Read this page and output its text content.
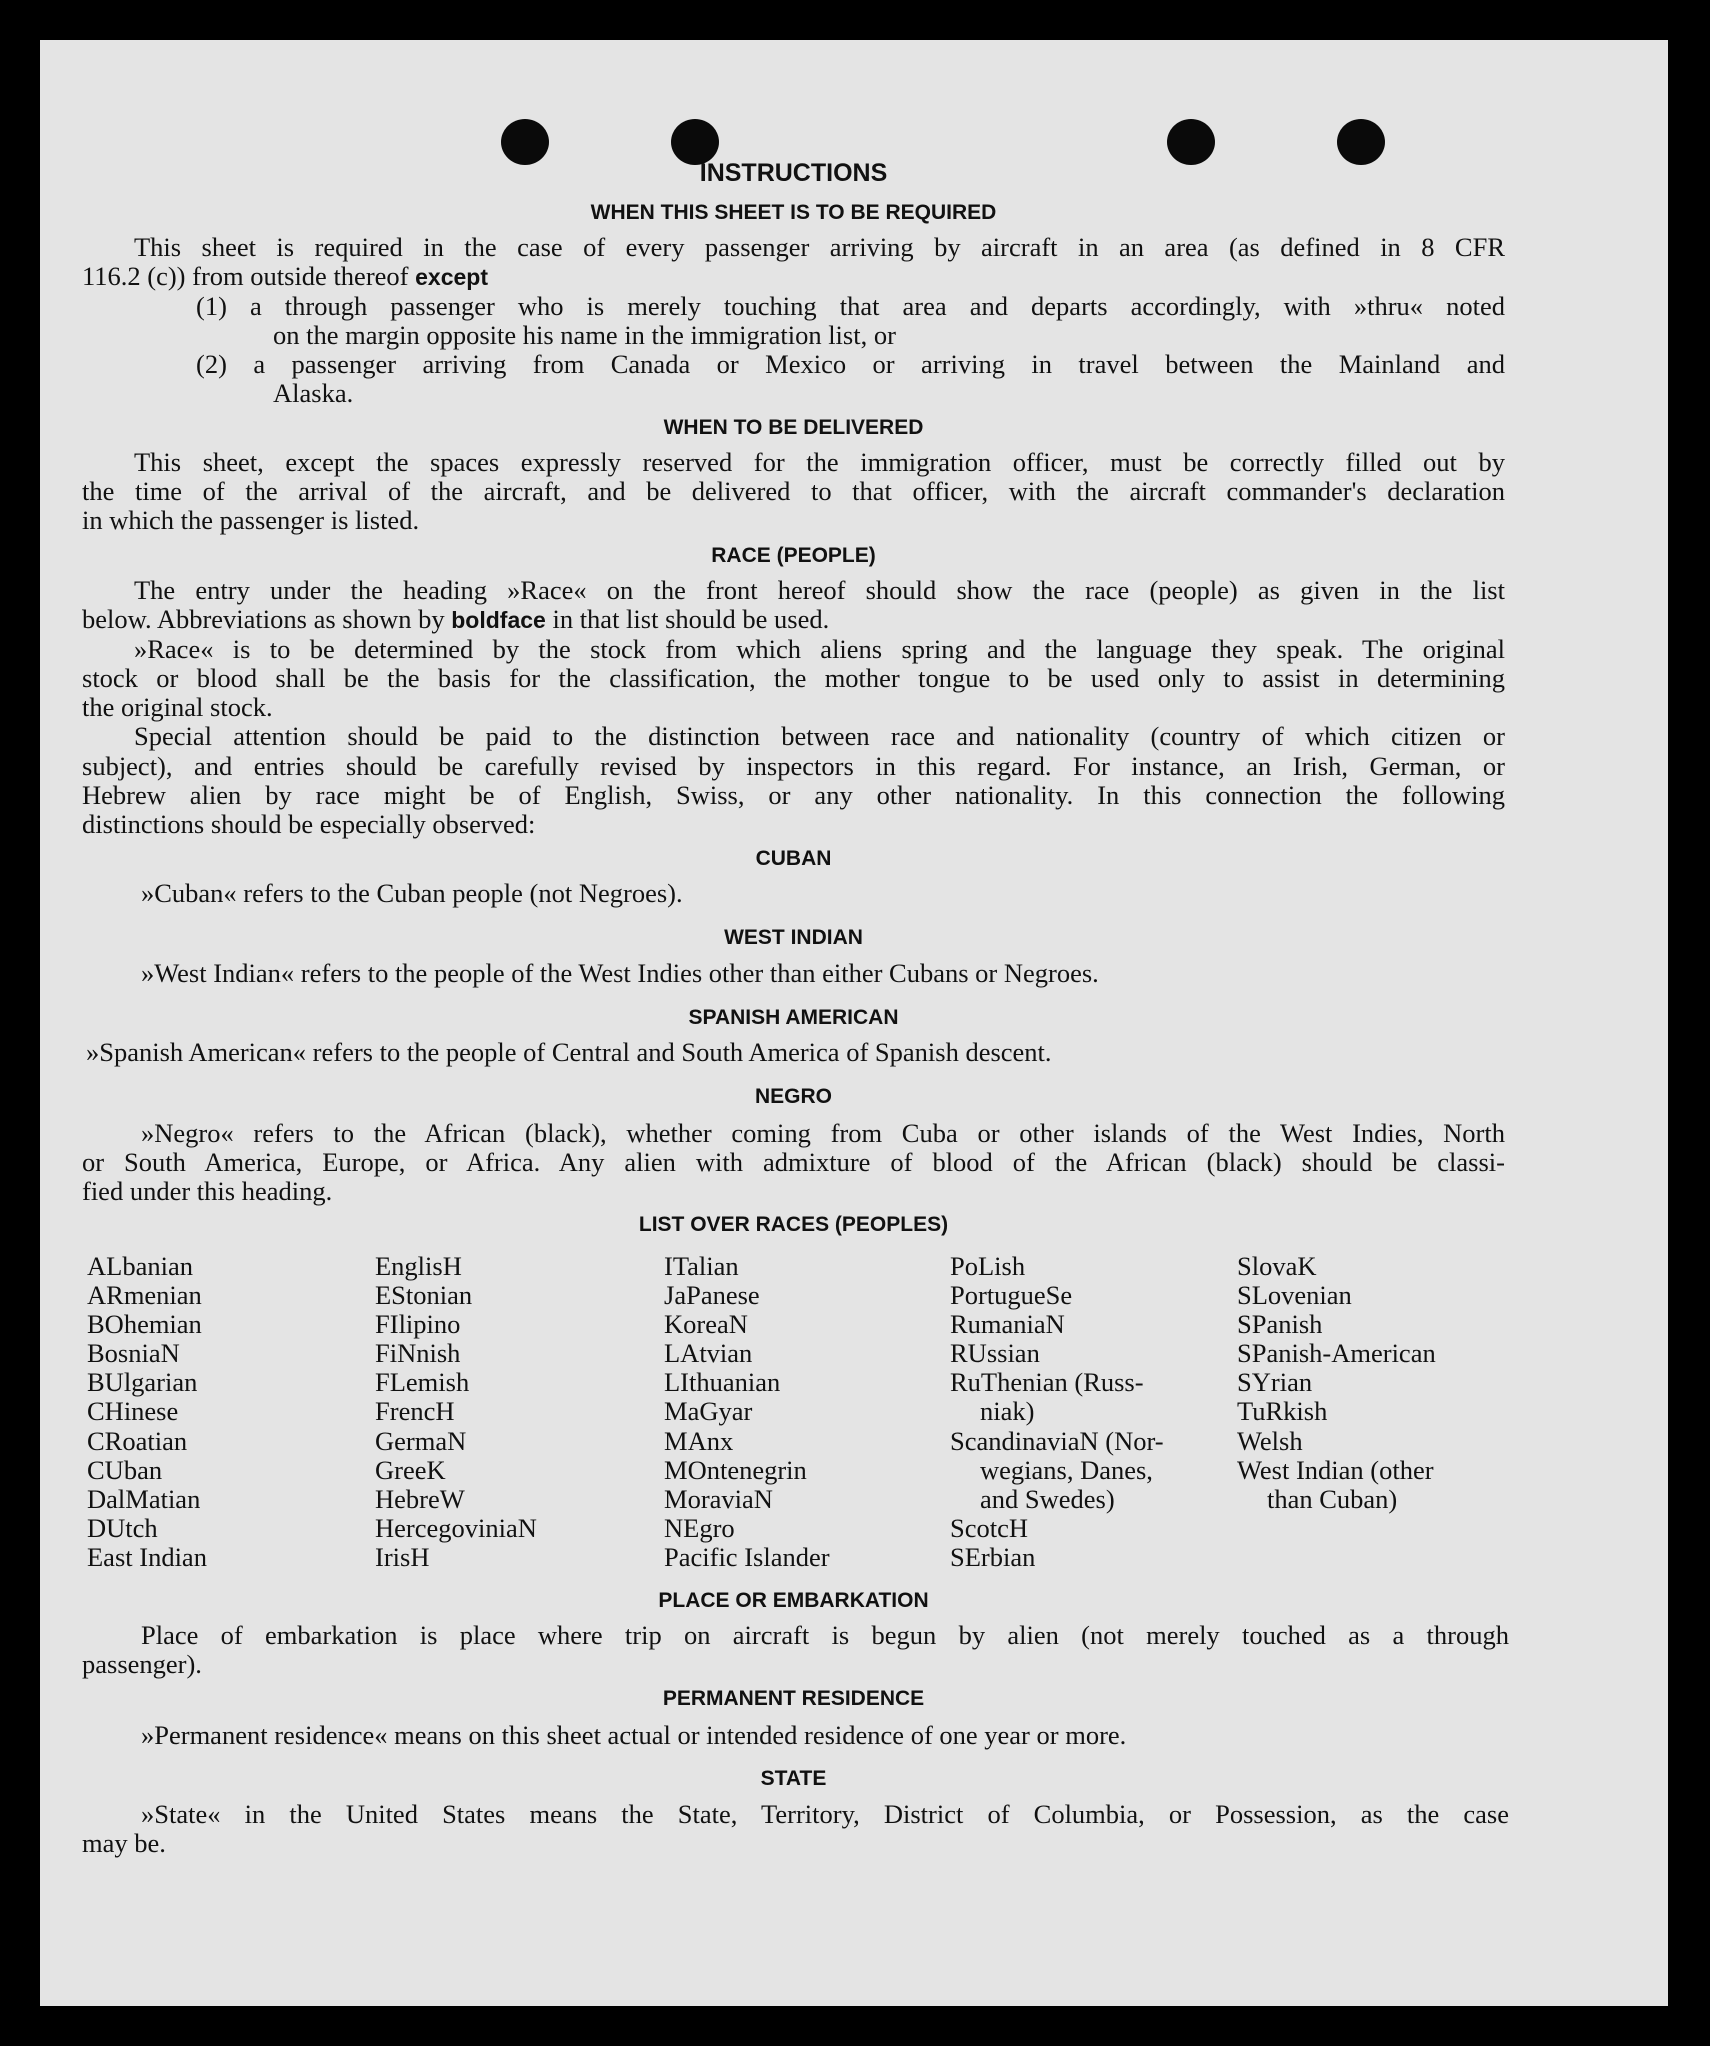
INSTRUCTIONS
WHEN THIS SHEET IS TO BE REQUIRED
This sheet is required in the case of every passenger arriving by aircraft in an area (as defined in 8 CFR
116.2 (c)) from outside thereof except
(1) a through passenger who is merely touching that area and departs accordingly, with »thru« noted
on the margin opposite his name in the immigration list, or
(2) a passenger arriving from Canada or Mexico or arriving in travel between the Mainland and
Alaska.
WHEN TO BE DELIVERED
This sheet, except the spaces expressly reserved for the immigration officer, must be correctly filled out by
the time of the arrival of the aircraft, and be delivered to that officer, with the aircraft commander's declaration
in which the passenger is listed.
RACE (PEOPLE)
The entry under the heading »Race« on the front hereof should show the race (people) as given in the list
below. Abbreviations as shown by boldface in that list should be used.
»Race« is to be determined by the stock from which aliens spring and the language they speak. The original
stock or blood shall be the basis for the classification, the mother tongue to be used only to assist in determining
the original stock.
Special attention should be paid to the distinction between race and nationality (country of which citizen or
subject), and entries should be carefully revised by inspectors in this regard. For instance, an Irish, German, or
Hebrew alien by race might be of English, Swiss, or any other nationality. In this connection the following
distinctions should be especially observed:
CUBAN
»Cuban« refers to the Cuban people (not Negroes).
WEST INDIAN
»West Indian« refers to the people of the West Indies other than either Cubans or Negroes.
SPANISH AMERICAN
»Spanish American« refers to the people of Central and South America of Spanish descent.
NEGRO
»Negro« refers to the African (black), whether coming from Cuba or other islands of the West Indies, North
or South America, Europe, or Africa. Any alien with admixture of blood of the African (black) should be classi-
fied under this heading.
LIST OVER RACES (PEOPLES)
PLACE OR EMBARKATION
Place of embarkation is place where trip on aircraft is begun by alien (not merely touched as a through
passenger).
PERMANENT RESIDENCE
»Permanent residence« means on this sheet actual or intended residence of one year or more.
STATE
»State« in the United States means the State, Territory, District of Columbia, or Possession, as the case
may be.
ALbanian
ARmenian
BOhemian
BosniaN
BUlgarian
CHinese
CRoatian
CUban
DalMatian
DUtch
East Indian
EnglisH
EStonian
FIlipino
FiNnish
FLemish
FrencH
GermaN
GreeK
HebreW
HercegoviniaN
IrisH
ITalian
JaPanese
KoreaN
LAtvian
LIthuanian
MaGyar
MAnx
MOntenegrin
MoraviaN
NEgro
Pacific Islander
PoLish
PortugueSe
RumaniaN
RUssian
RuThenian (Russ-
niak)
ScandinaviaN (Nor-
wegians, Danes,
and Swedes)
ScotcH
SErbian
SlovaK
SLovenian
SPanish
SPanish-American
SYrian
TuRkish
Welsh
West Indian (other
than Cuban)
